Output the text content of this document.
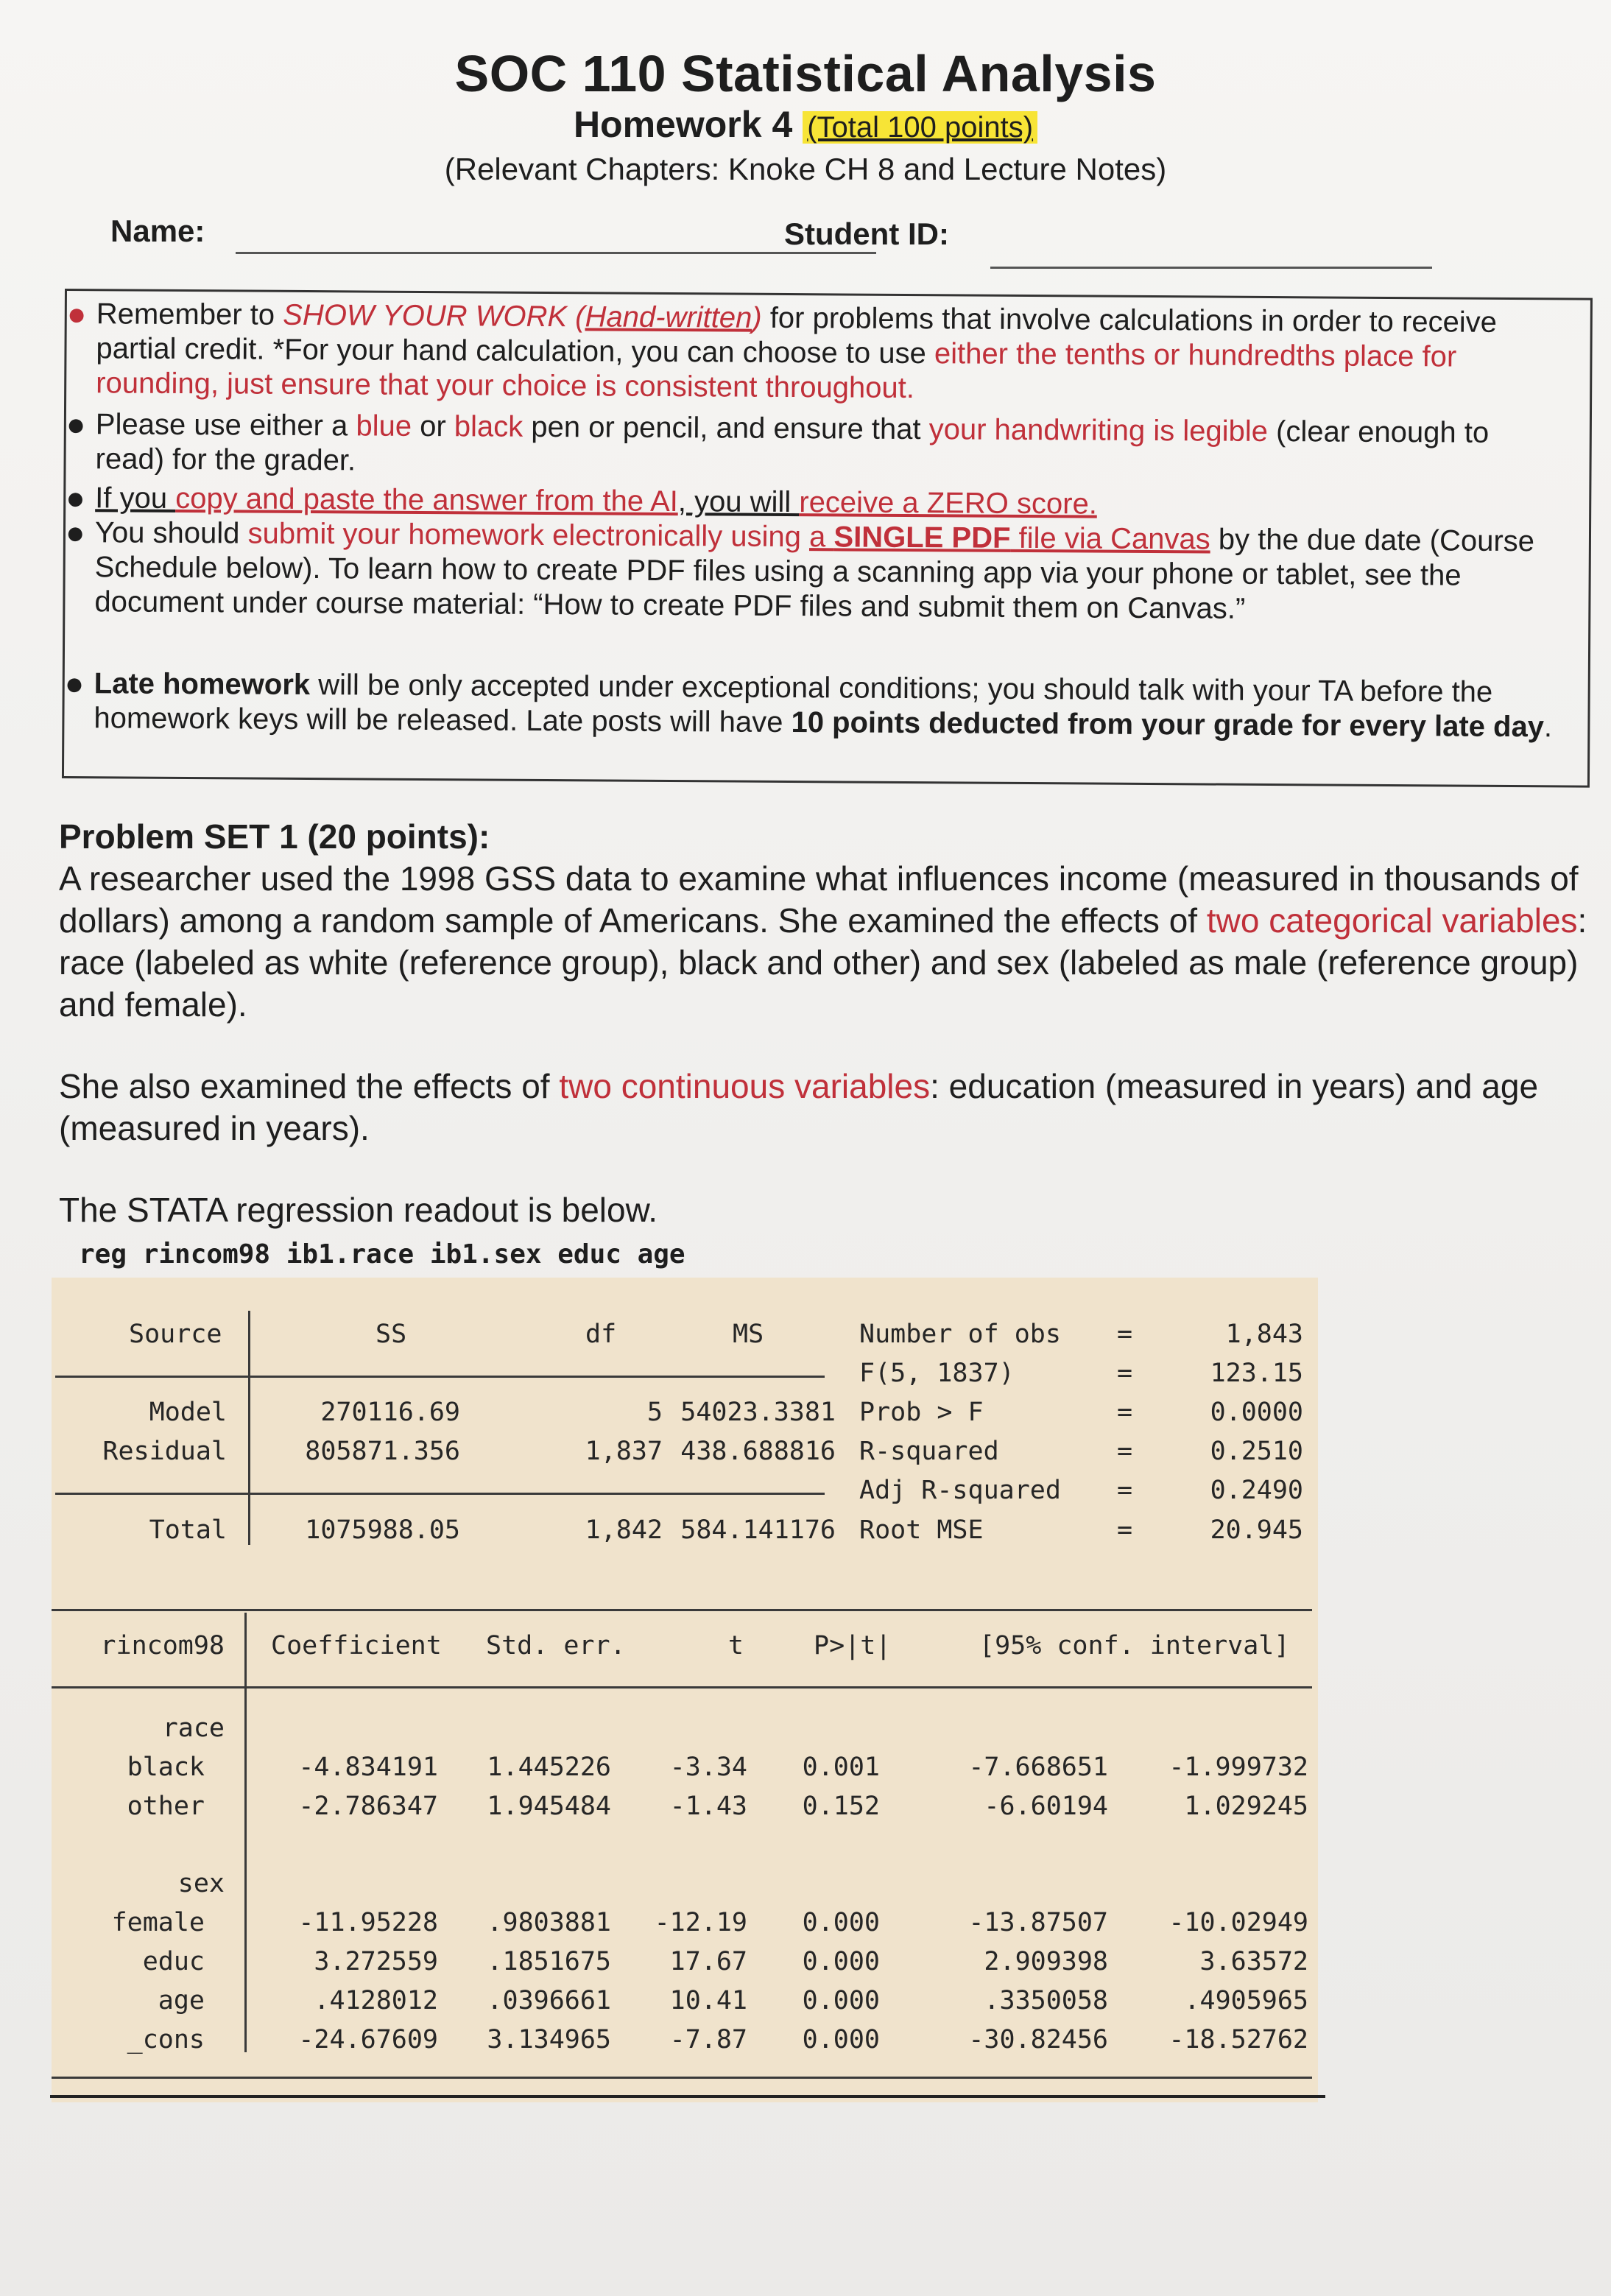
SOC 110 Statistical Analysis
Homework 4 (Total 100 points)
(Relevant Chapters: Knoke CH 8 and Lecture Notes)
Name:	Student ID:
● Remember to SHOW YOUR WORK (Hand-written) for problems that involve calculations in order to receive partial credit. *For your hand calculation, you can choose to use either the tenths or hundredths place for rounding, just ensure that your choice is consistent throughout.
● Please use either a blue or black pen or pencil, and ensure that your handwriting is legible (clear enough to read) for the grader.
● If you copy and paste the answer from the AI, you will receive a ZERO score.
● You should submit your homework electronically using a SINGLE PDF file via Canvas by the due date (Course Schedule below). To learn how to create PDF files using a scanning app via your phone or tablet, see the document under course material: “How to create PDF files and submit them on Canvas.”
● Late homework will be only accepted under exceptional conditions; you should talk with your TA before the homework keys will be released. Late posts will have 10 points deducted from your grade for every late day.
Problem SET 1 (20 points):
A researcher used the 1998 GSS data to examine what influences income (measured in thousands of dollars) among a random sample of Americans. She examined the effects of two categorical variables: race (labeled as white (reference group), black and other) and sex (labeled as male (reference group) and female).
She also examined the effects of two continuous variables: education (measured in years) and age (measured in years).
The STATA regression readout is below.
reg rincom98 ib1.race ib1.sex educ age
Source	SS	df	MS
Model	270116.69	5 54023.3381
Residual	805871.356	1,837 438.688816
Total	1075988.05	1,842 584.141176
Number of obs =	1,843
F(5, 1837)	=	123.15
Prob > F	=	0.0000
R-squared	=	0.2510
Adj R-squared =	0.2490
Root MSE	=	20.945
rincom98 Coefficient Std. err.	t	P>|t|	[95% conf. interval]
race
black	-4.834191	1.445226	-3.34	0.001	-7.668651	-1.999732
other	-2.786347	1.945484	-1.43	0.152	-6.60194	1.029245
sex
female	-11.95228	.9803881	-12.19	0.000	-13.87507	-10.02949
educ	3.272559	.1851675	17.67	0.000	2.909398	3.63572
age	.4128012	.0396661	10.41	0.000	.3350058	.4905965
_cons	-24.67609	3.134965	-7.87	0.000	-30.82456	-18.52762
